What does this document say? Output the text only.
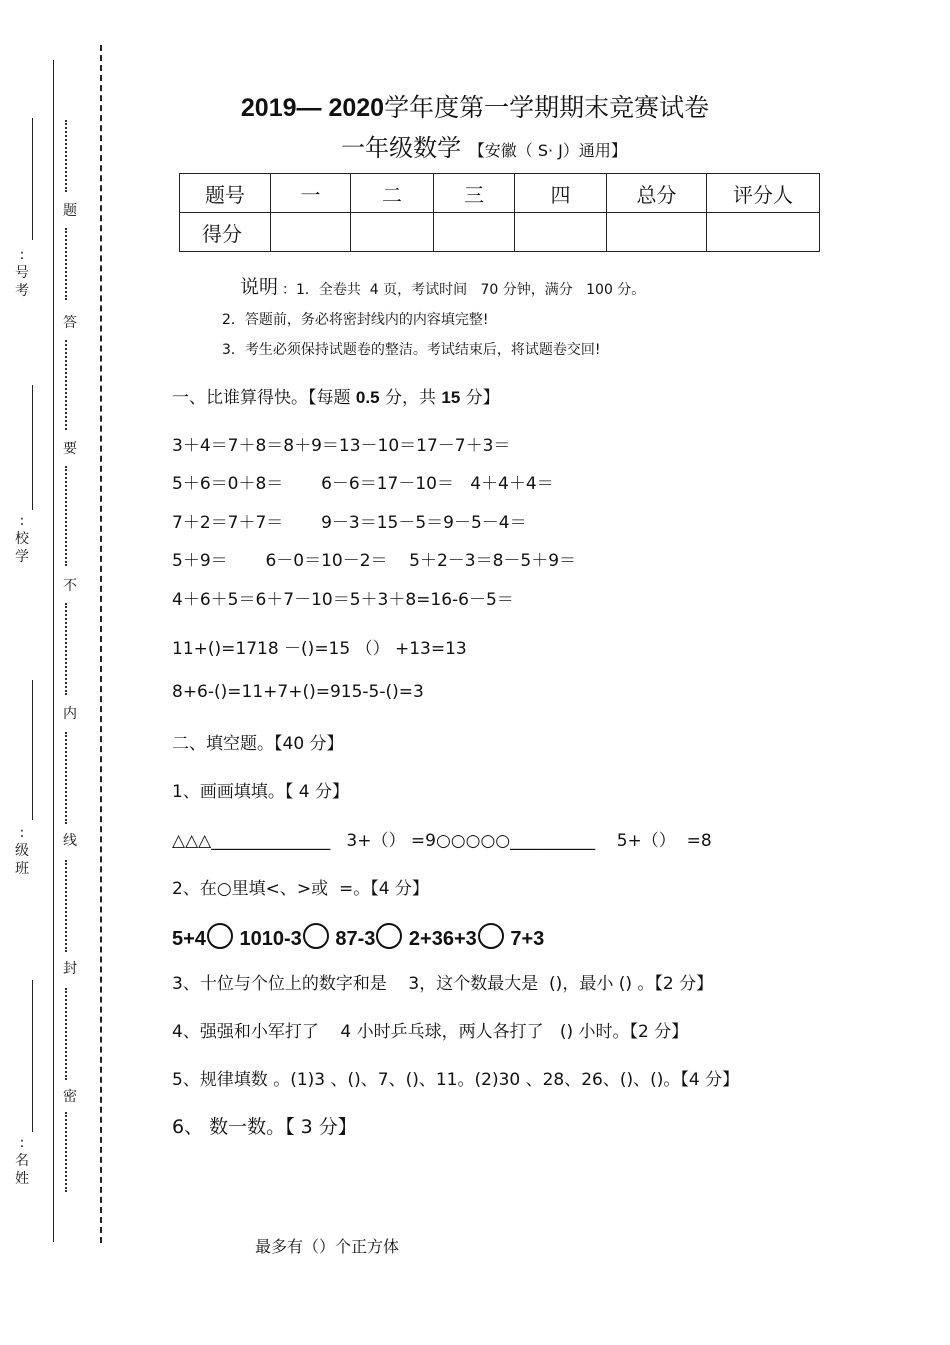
: 号考
: 校学
: 级班
: 名姓
题
答
要
不
内
线
封
密
2019— 2020学年度第一学期期末竞赛试卷
一年级数学 【安徽（ S· J）通用】
题号	一	二	三	四	总分	评分人
得分						
说明 ：1．全卷共  4 页，考试时间   70 分钟，满分   100 分。
2．答题前，务必将密封线内的内容填完整!
3．考生必须保持试题卷的整洁。考试结束后，将试题卷交回!
一、比谁算得快。【每题 0.5 分，共 15 分】
3＋4＝7＋8＝8＋9＝13－10＝17－7＋3＝
5＋6＝0＋8＝       6－6＝17－10＝   4＋4＋4＝
7＋2＝7＋7＝       9－3＝15－5＝9－5－4＝
5＋9＝       6－0＝10－2＝    5＋2－3＝8－5＋9＝
4＋6＋5＝6＋7－10＝5＋3＋8=16-6－5＝
11+()=1718 －()=15 （） +13=13
8+6-()=11+7+()=915-5-()=3
二、填空题。【40 分】
1、画画填填。【 4 分】
△△△______________   3+（） =9○○○○○__________    5+（）  =8
2、在○里填<、>或  =。【4 分】
5+4 1010-3 87-3 2+36+3 7+3
3、十位与个位上的数字和是    3，这个数最大是  ()，最小 () 。【2 分】
4、强强和小军打了    4 小时乒乓球，两人各打了   () 小时。【2 分】
5、规律填数 。(1)3 、()、7、()、11。(2)30 、28、26、()、()。【4 分】
6、 数一数。【 3 分】
最多有（）个正方体
